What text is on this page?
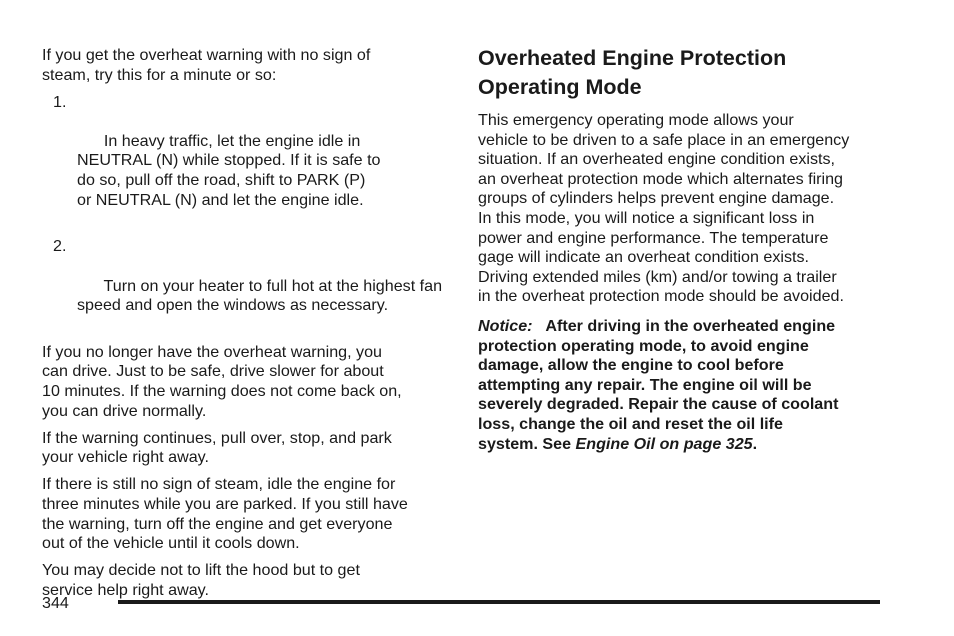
If you get the overheat warning with no sign of
steam, try this for a minute or so:

1.

In heavy traffic, let the engine idle in
NEUTRAL (N) while stopped. If it is safe to
do so, pull off the road, shift to PARK (P)
or NEUTRAL (N) and let the engine idle.

2.

Turn on your heater to full hot at the highest fan
speed and open the windows as necessary.

If you no longer have the overheat warning, you
can drive. Just to be safe, drive slower for about
10 minutes. If the warning does not come back on,
you can drive normally.

If the warning continues, pull over, stop, and park
your vehicle right away.

If there is still no sign of steam, idle the engine for
three minutes while you are parked. If you still have
the warning, turn off the engine and get everyone
out of the vehicle until it cools down.

You may decide not to lift the hood but to get
service help right away.

Overheated Engine Protection
Operating Mode

This emergency operating mode allows your
vehicle to be driven to a safe place in an emergency
situation. If an overheated engine condition exists,
an overheat protection mode which alternates firing
groups of cylinders helps prevent engine damage.
In this mode, you will notice a significant loss in
power and engine performance. The temperature
gage will indicate an overheat condition exists.
Driving extended miles (km) and/or towing a trailer
in the overheat protection mode should be avoided.

Notice:   After driving in the overheated engine
protection operating mode, to avoid engine
damage, allow the engine to cool before
attempting any repair. The engine oil will be
severely degraded. Repair the cause of coolant
loss, change the oil and reset the oil life
system. See Engine Oil on page 325.

344
